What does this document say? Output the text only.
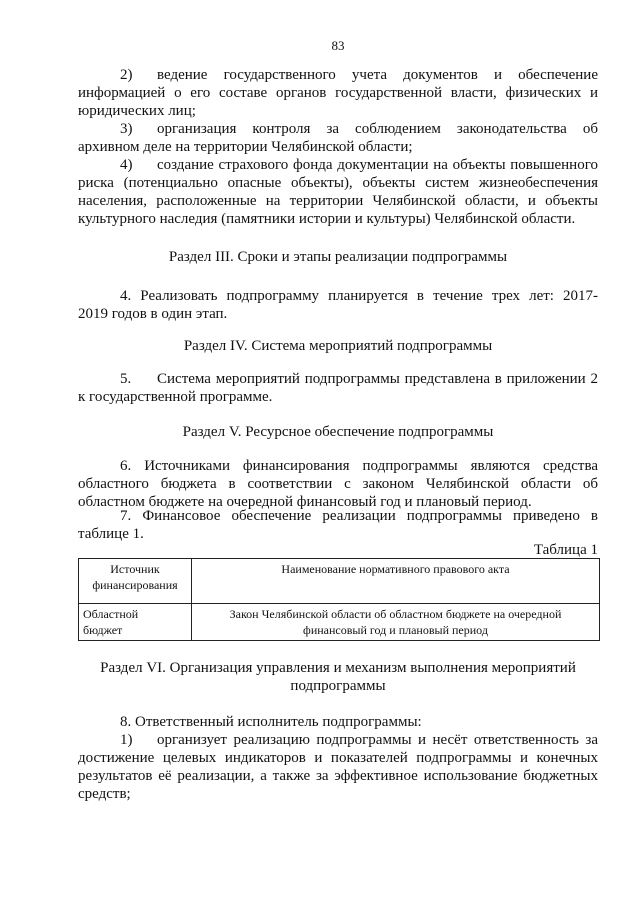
83
2) ведение государственного учета документов и обеспечение
информацией о его составе органов государственной власти, физических и
юридических лиц;
3) организация контроля за соблюдением законодательства об
архивном деле на территории Челябинской области;
4) создание страхового фонда документации на объекты повышенного
риска (потенциально опасные объекты), объекты систем жизнеобеспечения
населения, расположенные на территории Челябинской области, и объекты
культурного наследия (памятники истории и культуры) Челябинской области.
Раздел III. Сроки и этапы реализации подпрограммы
4. Реализовать подпрограмму планируется в течение трех лет: 2017-
2019 годов в один этап.
Раздел IV. Система мероприятий подпрограммы
5. Система мероприятий подпрограммы представлена в приложении 2
к государственной программе.
Раздел V. Ресурсное обеспечение подпрограммы
6. Источниками финансирования подпрограммы являются средства
областного бюджета в соответствии с законом Челябинской области об
областном бюджете на очередной финансовый год и плановый период.
7. Финансовое обеспечение реализации подпрограммы приведено в
таблице 1.
Таблица 1
Источник
финансирования	Наименование нормативного правового акта

Областной
бюджет	Закон Челябинской области об областном бюджете на очередной
финансовый год и плановый период
Раздел VI. Организация управления и механизм выполнения мероприятий
подпрограммы
8. Ответственный исполнитель подпрограммы:
1) организует реализацию подпрограммы и несёт ответственность за
достижение целевых индикаторов и показателей подпрограммы и конечных
результатов её реализации, а также за эффективное использование бюджетных
средств;
